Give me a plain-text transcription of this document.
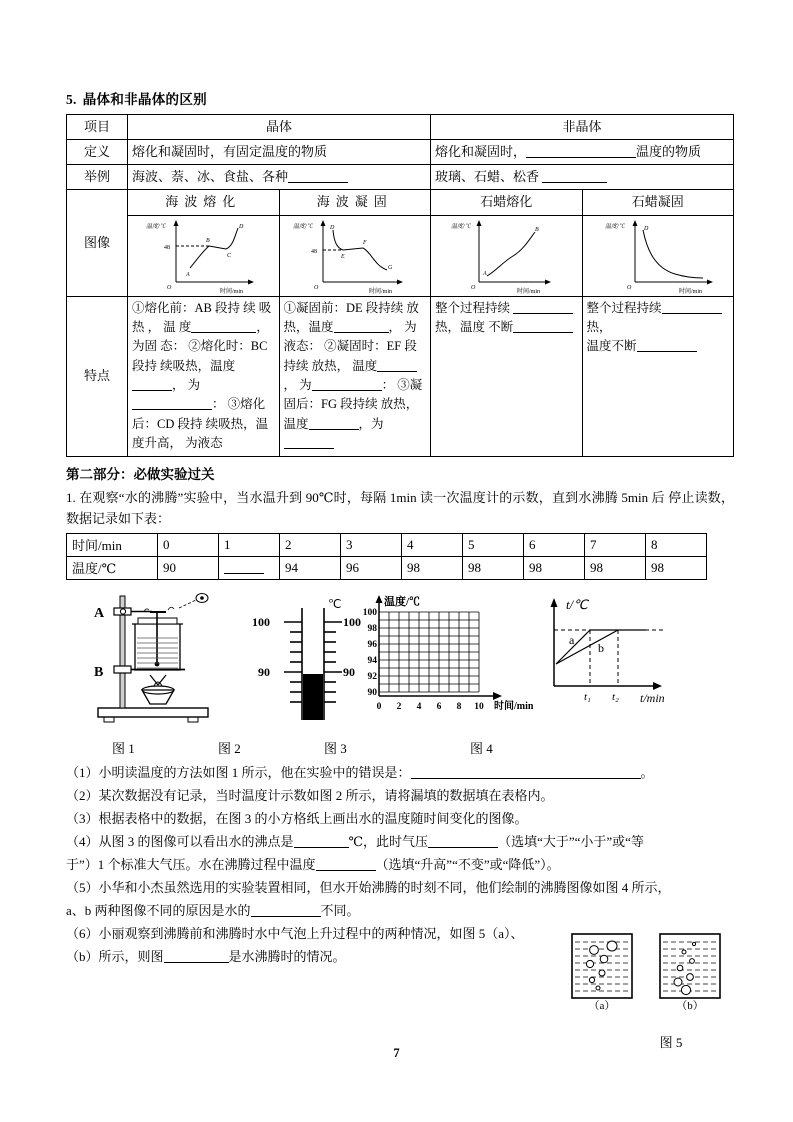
5. 晶体和非晶体的区别
项目	晶体		非晶体	
定义	熔化和凝固时，有固定温度的物质		熔化和凝固时， 温度的物质	
举例	海波、萘、冰、食盐、各种		玻璃、石蜡、松香	
图像	海波熔化	海波凝固	石蜡熔化	石蜡凝固

温度/℃
48
A
B
C
D
O
时间/min

温度/℃
48
D
E
F
G
O
时间/min

温度/℃
A
B
O
时间/min

温度/℃	D
O
时间/min

特点	①熔化前：AB 段持 续 吸 热 ， 温 度 ，为固 态： ②熔化时：BC 段持 续吸热，温度， 为： ③熔化后：CD 段持 续吸热，温度升高， 为液态	①凝固前：DE 段持续 放热，温度 ， 为液态： ②凝固时：EF 段持续 放热， 温度， 为 ： ③凝固后：FG 段持续 放热，温度 ，为	整个过程持续 热，温度 不断	整个过程持续热，
温度不断
第二部分：必做实验过关
1. 在观察“水的沸腾”实验中，当水温升到 90℃时，每隔 1min 读一次温度计的示数，直到水沸腾 5min 后 停止读数，数据记录如下表：
时间/min	0	1	2	3	4	5	6	7	8
温度/℃	90		94	96	98	98	98	98	98
A
B
℃
100	100
90	90
温度/℃
100
98
96
94
92
90
0 2 4 6 8 10 时间/min
t/℃
a
b
t₁ t₂ t/min
图 1	图 2	图 3	图 4
（1）小明读温度的方法如图 1 所示，他在实验中的错误是：	。
（2）某次数据没有记录，当时温度计示数如图 2 所示，请将漏填的数据填在表格内。
（3）根据表格中的数据，在图 3 的小方格纸上画出水的温度随时间变化的图像。
（4）从图 3 的图像可以看出水的沸点是	℃，此时气压	（选填“大于”“小于”或“等
于”）1 个标准大气压。水在沸腾过程中温度	（选填“升高”“不变”或“降低”）。
（5）小华和小杰虽然选用的实验装置相同，但水开始沸腾的时刻不同，他们绘制的沸腾图像如图 4 所示，
a、b 两种图像不同的原因是水的	不同。
（6）小丽观察到沸腾前和沸腾时水中气泡上升过程中的两种情况，如图 5（a）、
（b）所示，则图	是水沸腾时的情况。
（a）	（b）
图 5
7
